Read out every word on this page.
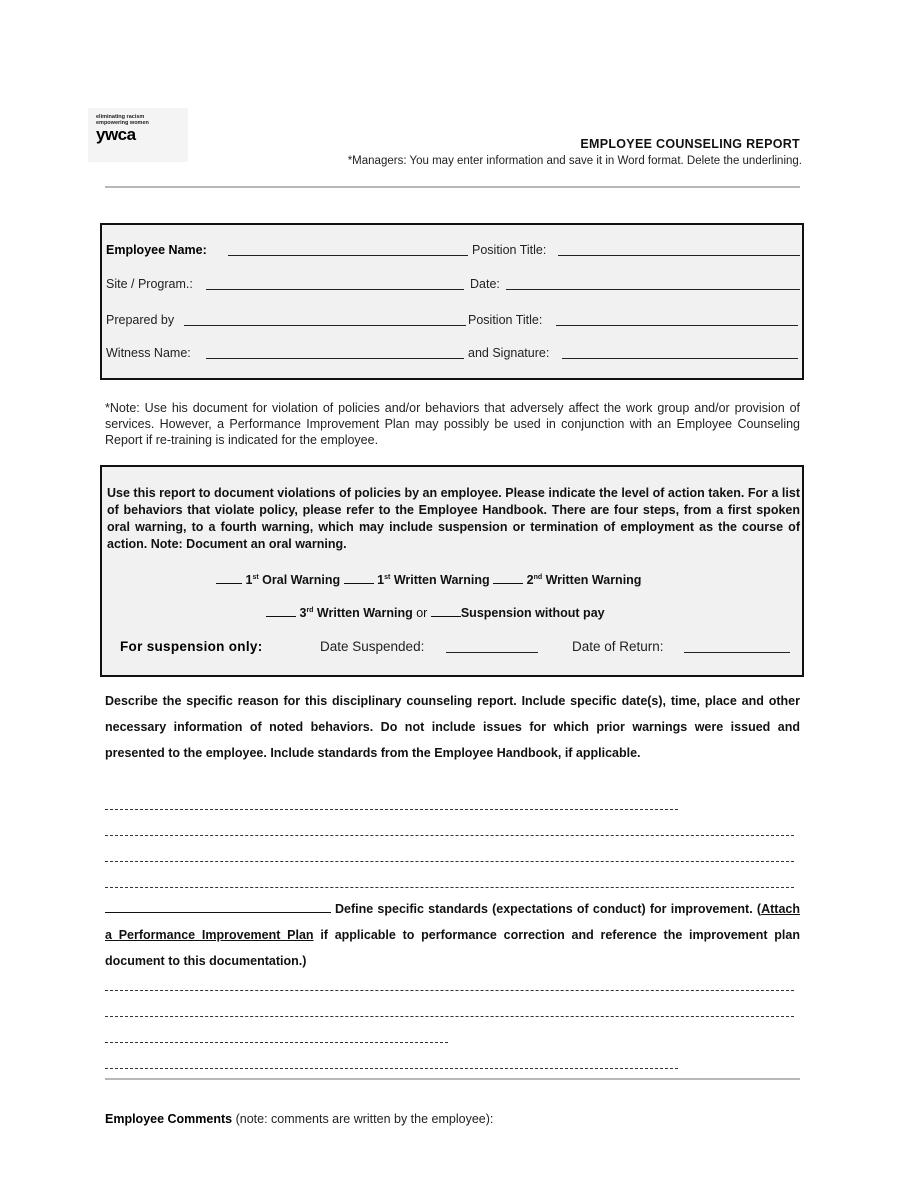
eliminating racism
empowering women
ywca	EMPLOYEE COUNSELING REPORT
*Managers: You may enter information and save it in Word format. Delete the underlining.
Employee Name:	Position Title:
Site / Program.:	Date:
Prepared by	Position Title:
Witness Name:	and Signature:
*Note: Use his document for violation of policies and/or behaviors that adversely affect the work group and/or provision of services. However, a Performance Improvement Plan may possibly be used in conjunction with an Employee Counseling Report if re-training is indicated for the employee.
Use this report to document violations of policies by an employee. Please indicate the level of action taken. For a list of behaviors that violate policy, please refer to the Employee Handbook. There are four steps, from a first spoken oral warning, to a fourth warning, which may include suspension or termination of employment as the course of action. Note: Document an oral warning.
1st Oral Warning	1st Written Warning	2nd Written Warning
3rd Written Warning or	Suspension without pay
For suspension only:	Date Suspended:	Date of Return:
Describe the specific reason for this disciplinary counseling report. Include specific date(s), time, place and other necessary information of noted behaviors. Do not include issues for which prior warnings were issued and presented to the employee. Include standards from the Employee Handbook, if applicable.
Define specific standards (expectations of conduct) for improvement. (Attach a Performance Improvement Plan if applicable to performance correction and reference the improvement plan document to this documentation.)
Employee Comments (note: comments are written by the employee):
